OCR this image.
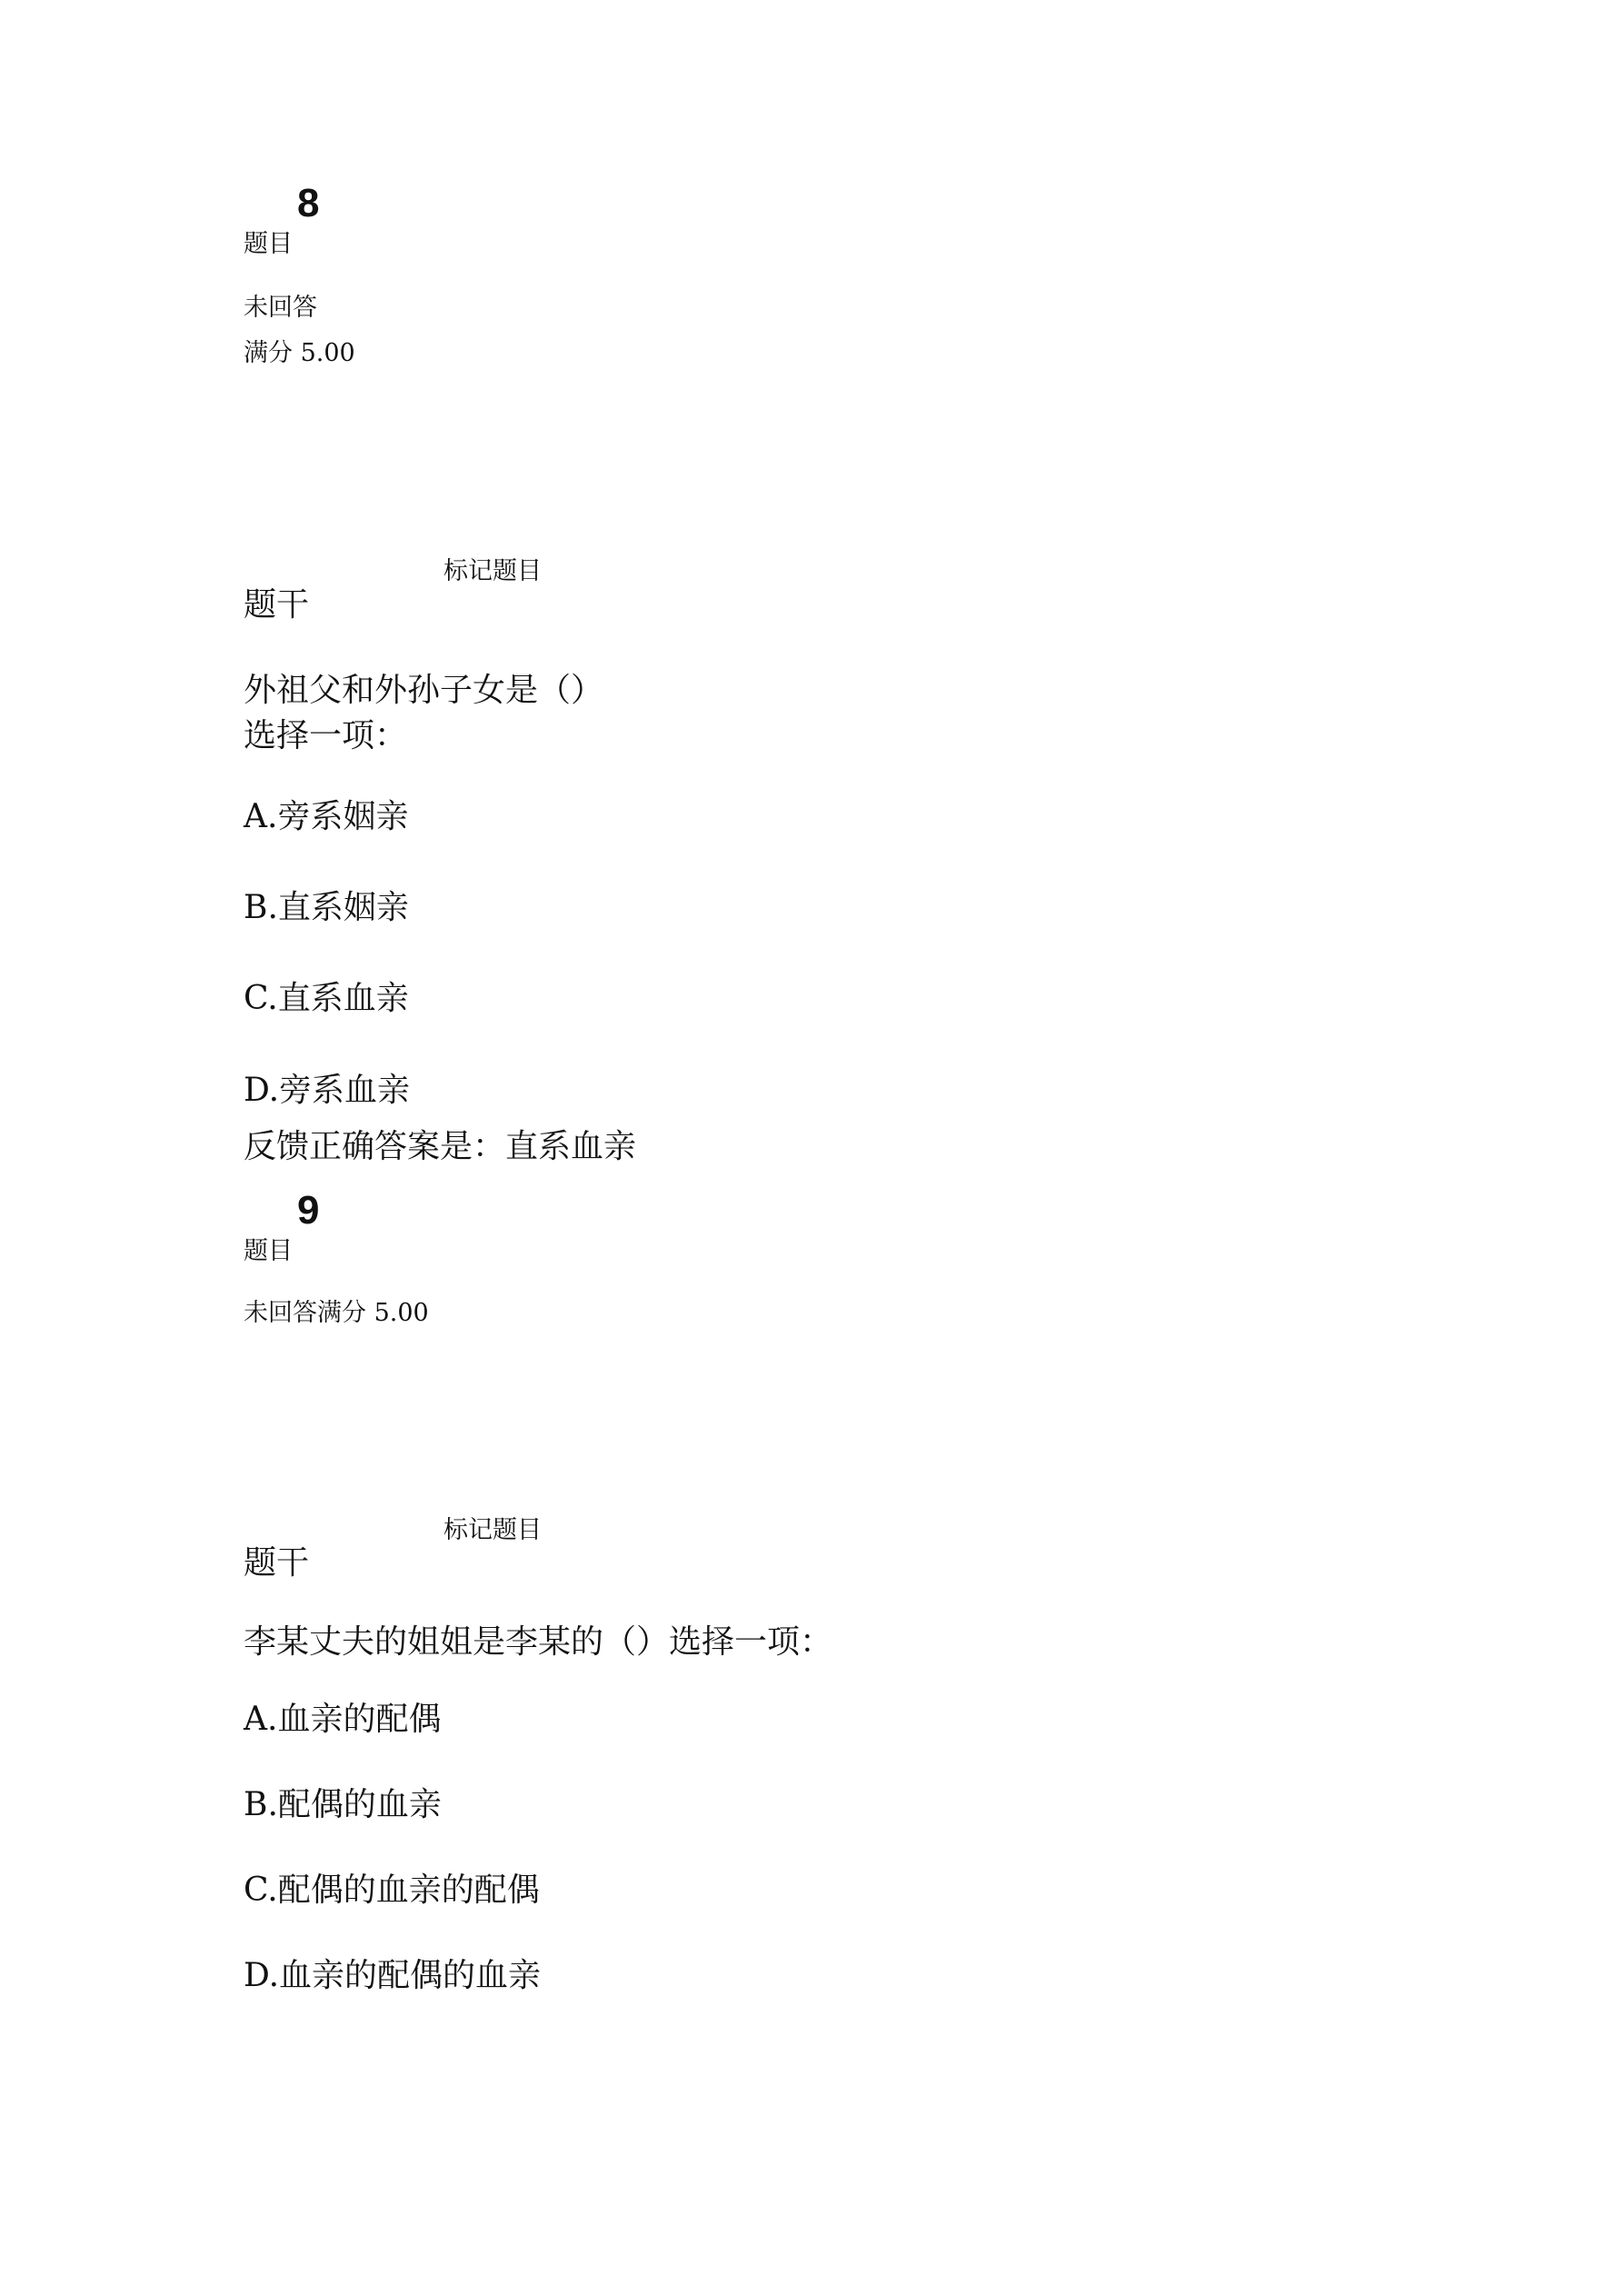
8
题目
未回答
满分 5.00
标记题目
题干
外祖父和外孙子女是（）
选择一项：
A.旁系姻亲
B.直系姻亲
C.直系血亲
D.旁系血亲
反馈正确答案是：直系血亲
9
题目
未回答满分 5.00
标记题目
题干
李某丈夫的姐姐是李某的（）选择一项：
A.血亲的配偶
B.配偶的血亲
C.配偶的血亲的配偶
D.血亲的配偶的血亲
